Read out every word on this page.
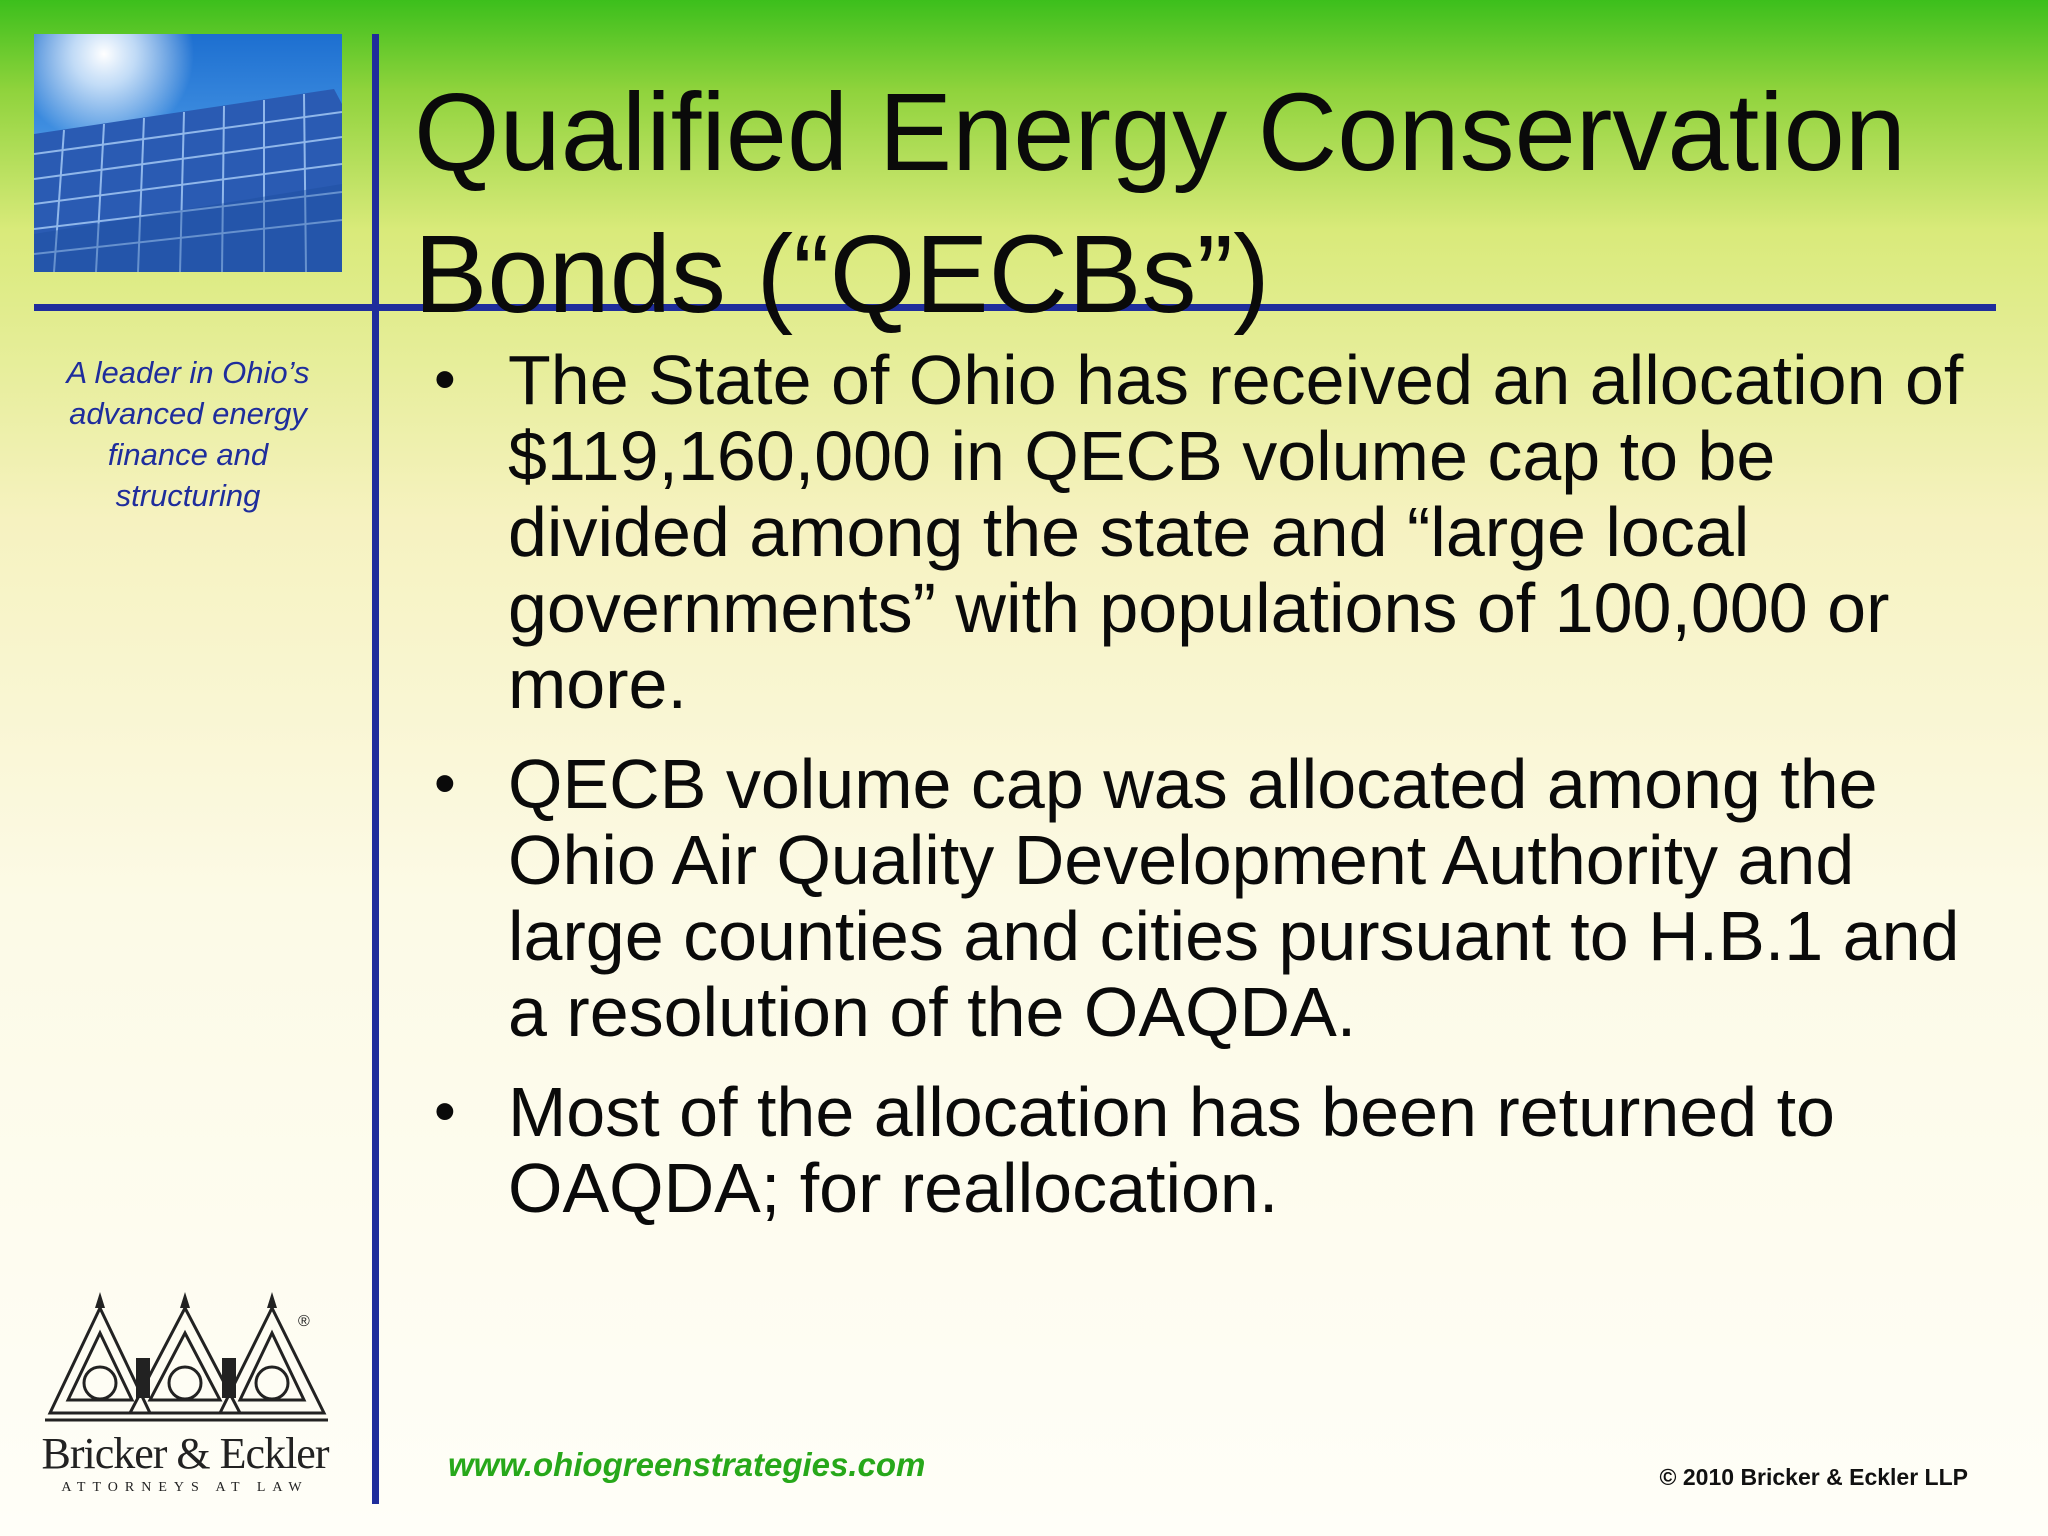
Qualified Energy Conservation
Bonds (“QECBs”)
A leader in Ohio’s advanced energy finance and structuring
• The State of Ohio has received an allocation of $119,160,000 in QECB volume cap to be divided among the state and “large local governments” with populations of 100,000 or more.
• QECB volume cap was allocated among the Ohio Air Quality Development Authority and large counties and cities pursuant to H.B.1 and a resolution of the OAQDA.
• Most of the allocation has been returned to OAQDA; for reallocation.
®
Bricker & Eckler
ATTORNEYS AT LAW
www.ohiogreenstrategies.com	© 2010 Bricker & Eckler LLP
